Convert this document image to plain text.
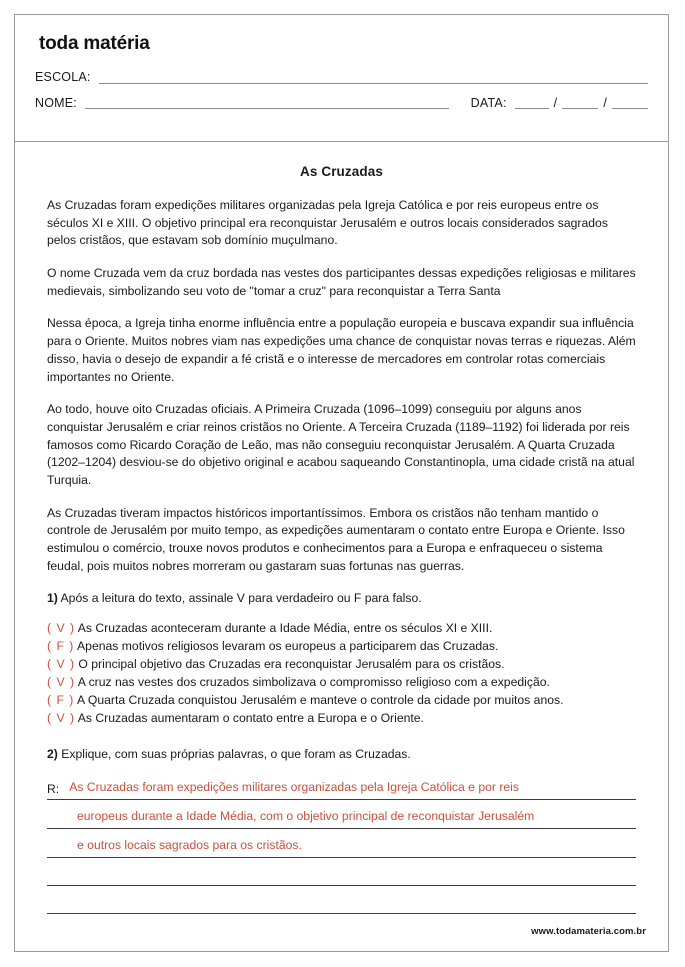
toda matéria
ESCOLA:
NOME:	DATA:	/	/
As Cruzadas

As Cruzadas foram expedições militares organizadas pela Igreja Católica e por reis europeus entre os séculos XI e XIII. O objetivo principal era reconquistar Jerusalém e outros locais considerados sagrados pelos cristãos, que estavam sob domínio muçulmano.

O nome Cruzada vem da cruz bordada nas vestes dos participantes dessas expedições religiosas e militares medievais, simbolizando seu voto de "tomar a cruz" para reconquistar a Terra Santa

Nessa época, a Igreja tinha enorme influência entre a população europeia e buscava expandir sua influência para o Oriente. Muitos nobres viam nas expedições uma chance de conquistar novas terras e riquezas. Além disso, havia o desejo de expandir a fé cristã e o interesse de mercadores em controlar rotas comerciais importantes no Oriente.

Ao todo, houve oito Cruzadas oficiais. A Primeira Cruzada (1096–1099) conseguiu por alguns anos conquistar Jerusalém e criar reinos cristãos no Oriente. A Terceira Cruzada (1189–1192) foi liderada por reis famosos como Ricardo Coração de Leão, mas não conseguiu reconquistar Jerusalém. A Quarta Cruzada (1202–1204) desviou-se do objetivo original e acabou saqueando Constantinopla, uma cidade cristã na atual Turquia.

As Cruzadas tiveram impactos históricos importantíssimos. Embora os cristãos não tenham mantido o controle de Jerusalém por muito tempo, as expedições aumentaram o contato entre Europa e Oriente. Isso estimulou o comércio, trouxe novos produtos e conhecimentos para a Europa e enfraqueceu o sistema feudal, pois muitos nobres morreram ou gastaram suas fortunas nas guerras.

1) Após a leitura do texto, assinale V para verdadeiro ou F para falso.
( V ) As Cruzadas aconteceram durante a Idade Média, entre os séculos XI e XIII.
( F ) Apenas motivos religiosos levaram os europeus a participarem das Cruzadas.
( V ) O principal objetivo das Cruzadas era reconquistar Jerusalém para os cristãos.
( V ) A cruz nas vestes dos cruzados simbolizava o compromisso religioso com a expedição.
( F ) A Quarta Cruzada conquistou Jerusalém e manteve o controle da cidade por muitos anos.
( V ) As Cruzadas aumentaram o contato entre a Europa e o Oriente.
2) Explique, com suas próprias palavras, o que foram as Cruzadas.
R: As Cruzadas foram expedições militares organizadas pela Igreja Católica e por reis
europeus durante a Idade Média, com o objetivo principal de reconquistar Jerusalém
e outros locais sagrados para os cristãos.
www.todamateria.com.br
